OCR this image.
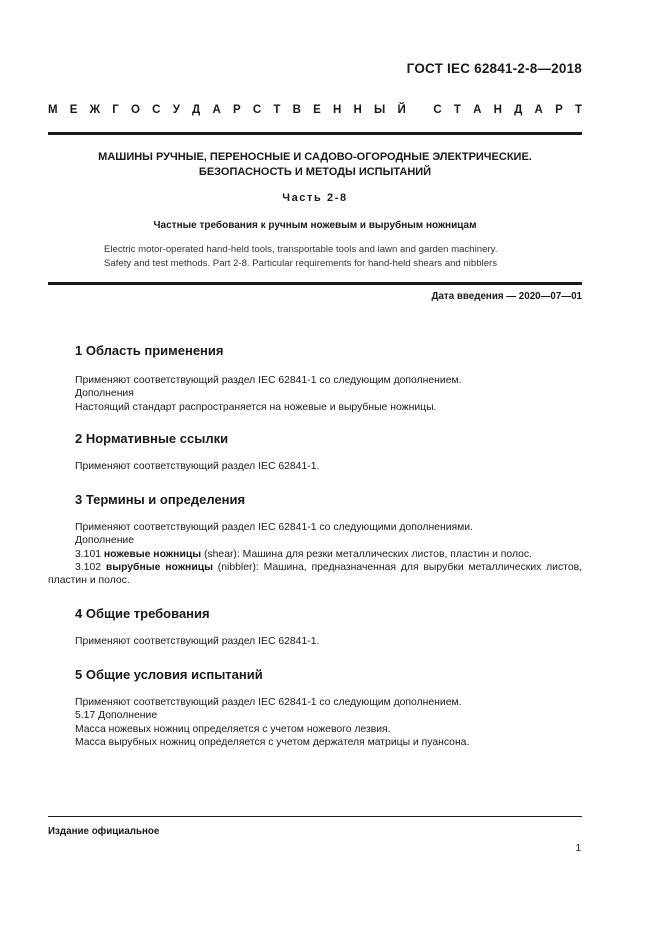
ГОСТ IEC 62841-2-8—2018
М Е Ж Г О С У Д А Р С Т В Е Н Н Ы Й
С Т А Н Д А Р Т
МАШИНЫ РУЧНЫЕ, ПЕРЕНОСНЫЕ И САДОВО-ОГОРОДНЫЕ ЭЛЕКТРИЧЕСКИЕ.
БЕЗОПАСНОСТЬ И МЕТОДЫ ИСПЫТАНИЙ
Часть 2-8
Частные требования к ручным ножевым и вырубным ножницам
Electric motor-operated hand-held tools, transportable tools and lawn and garden machinery.
Safety and test methods. Part 2-8. Particular requirements for hand-held shears and nibblers
Дата введения — 2020—07—01
1 Область применения

Применяют соответствующий раздел IEC 62841-1 со следующим дополнением.

Дополнения

Настоящий стандарт распространяется на ножевые и вырубные ножницы.

2 Нормативные ссылки

Применяют соответствующий раздел IEC 62841-1.

3 Термины и определения

Применяют соответствующий раздел IEC 62841-1 со следующими дополнениями.

Дополнение

3.101 ножевые ножницы (shear): Машина для резки металлических листов, пластин и полос.

3.102 вырубные ножницы (nibbler): Машина, предназначенная для вырубки металлических листов, пластин и полос.

4 Общие требования

Применяют соответствующий раздел IEC 62841-1.

5 Общие условия испытаний

Применяют соответствующий раздел IEC 62841-1 со следующим дополнением.

5.17 Дополнение

Масса ножевых ножниц определяется с учетом ножевого лезвия.

Масса вырубных ножниц определяется с учетом держателя матрицы и пуансона.

Издание официальное
1
